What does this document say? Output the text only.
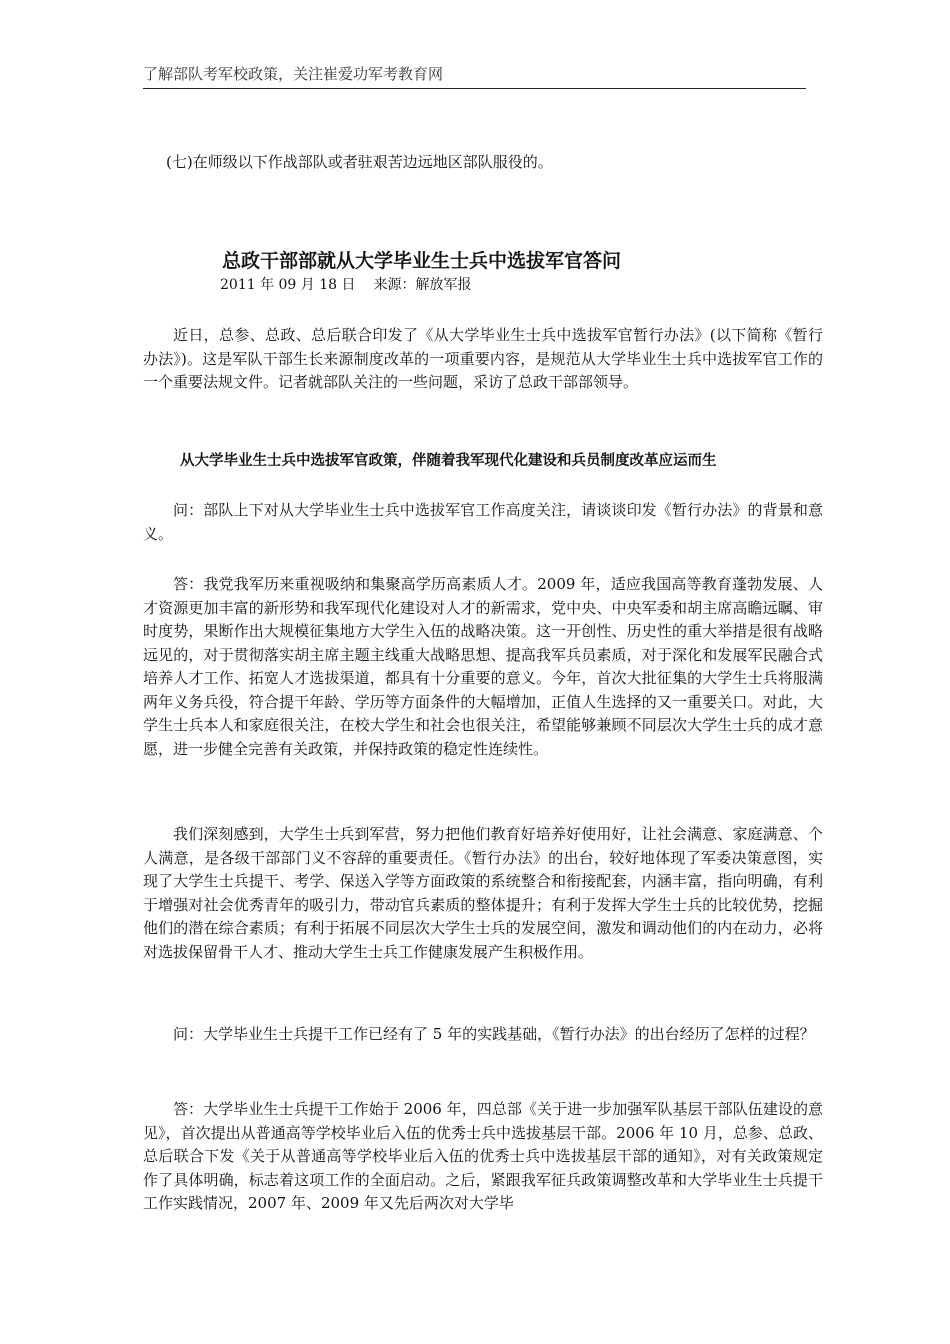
了解部队考军校政策，关注崔爱功军考教育网
(七)在师级以下作战部队或者驻艰苦边远地区部队服役的。
总政干部部就从大学毕业生士兵中选拔军官答问
2011 年 09 月 18 日 来源：解放军报

近日，总参、总政、总后联合印发了《从大学毕业生士兵中选拔军官暂行办法》(以下简称《暂行办法》)。这是军队干部生长来源制度改革的一项重要内容，是规范从大学毕业生士兵中选拔军官工作的一个重要法规文件。记者就部队关注的一些问题，采访了总政干部部领导。

从大学毕业生士兵中选拔军官政策，伴随着我军现代化建设和兵员制度改革应运而生

问：部队上下对从大学毕业生士兵中选拔军官工作高度关注，请谈谈印发《暂行办法》的背景和意义。

答：我党我军历来重视吸纳和集聚高学历高素质人才。2009 年，适应我国高等教育蓬勃发展、人才资源更加丰富的新形势和我军现代化建设对人才的新需求，党中央、中央军委和胡主席高瞻远瞩、审时度势，果断作出大规模征集地方大学生入伍的战略决策。这一开创性、历史性的重大举措是很有战略远见的，对于贯彻落实胡主席主题主线重大战略思想、提高我军兵员素质，对于深化和发展军民融合式培养人才工作、拓宽人才选拔渠道，都具有十分重要的意义。今年，首次大批征集的大学生士兵将服满两年义务兵役，符合提干年龄、学历等方面条件的大幅增加，正值人生选择的又一重要关口。对此，大学生士兵本人和家庭很关注，在校大学生和社会也很关注，希望能够兼顾不同层次大学生士兵的成才意愿，进一步健全完善有关政策，并保持政策的稳定性连续性。

我们深刻感到，大学生士兵到军营，努力把他们教育好培养好使用好，让社会满意、家庭满意、个人满意，是各级干部部门义不容辞的重要责任。《暂行办法》的出台，较好地体现了军委决策意图，实现了大学生士兵提干、考学、保送入学等方面政策的系统整合和衔接配套，内涵丰富，指向明确，有利于增强对社会优秀青年的吸引力，带动官兵素质的整体提升；有利于发挥大学生士兵的比较优势，挖掘他们的潜在综合素质；有利于拓展不同层次大学生士兵的发展空间，激发和调动他们的内在动力，必将对选拔保留骨干人才、推动大学生士兵工作健康发展产生积极作用。

问：大学毕业生士兵提干工作已经有了 5 年的实践基础，《暂行办法》的出台经历了怎样的过程？

答：大学毕业生士兵提干工作始于 2006 年，四总部《关于进一步加强军队基层干部队伍建设的意见》，首次提出从普通高等学校毕业后入伍的优秀士兵中选拔基层干部。2006 年 10 月，总参、总政、总后联合下发《关于从普通高等学校毕业后入伍的优秀士兵中选拔基层干部的通知》，对有关政策规定作了具体明确，标志着这项工作的全面启动。之后，紧跟我军征兵政策调整改革和大学毕业生士兵提干工作实践情况，2007 年、2009 年又先后两次对大学毕
